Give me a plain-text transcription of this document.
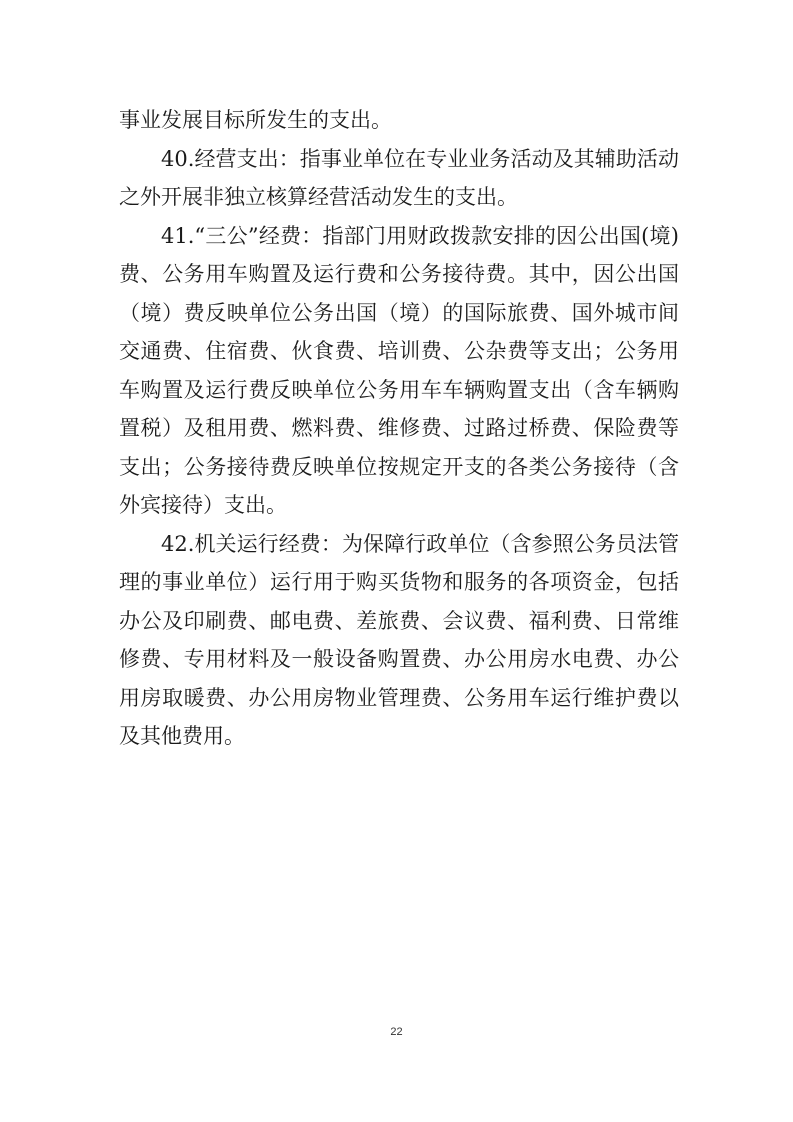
事业发展目标所发生的支出。
40.经营支出：指事业单位在专业业务活动及其辅助活动
之外开展非独立核算经营活动发生的支出。
41.“三公”经费：指部门用财政拨款安排的因公出国(境)
费、公务用车购置及运行费和公务接待费。其中，因公出国
（境）费反映单位公务出国（境）的国际旅费、国外城市间
交通费、住宿费、伙食费、培训费、公杂费等支出；公务用
车购置及运行费反映单位公务用车车辆购置支出（含车辆购
置税）及租用费、燃料费、维修费、过路过桥费、保险费等
支出；公务接待费反映单位按规定开支的各类公务接待（含
外宾接待）支出。
42.机关运行经费：为保障行政单位（含参照公务员法管
理的事业单位）运行用于购买货物和服务的各项资金，包括
办公及印刷费、邮电费、差旅费、会议费、福利费、日常维
修费、专用材料及一般设备购置费、办公用房水电费、办公
用房取暖费、办公用房物业管理费、公务用车运行维护费以
及其他费用。
22
